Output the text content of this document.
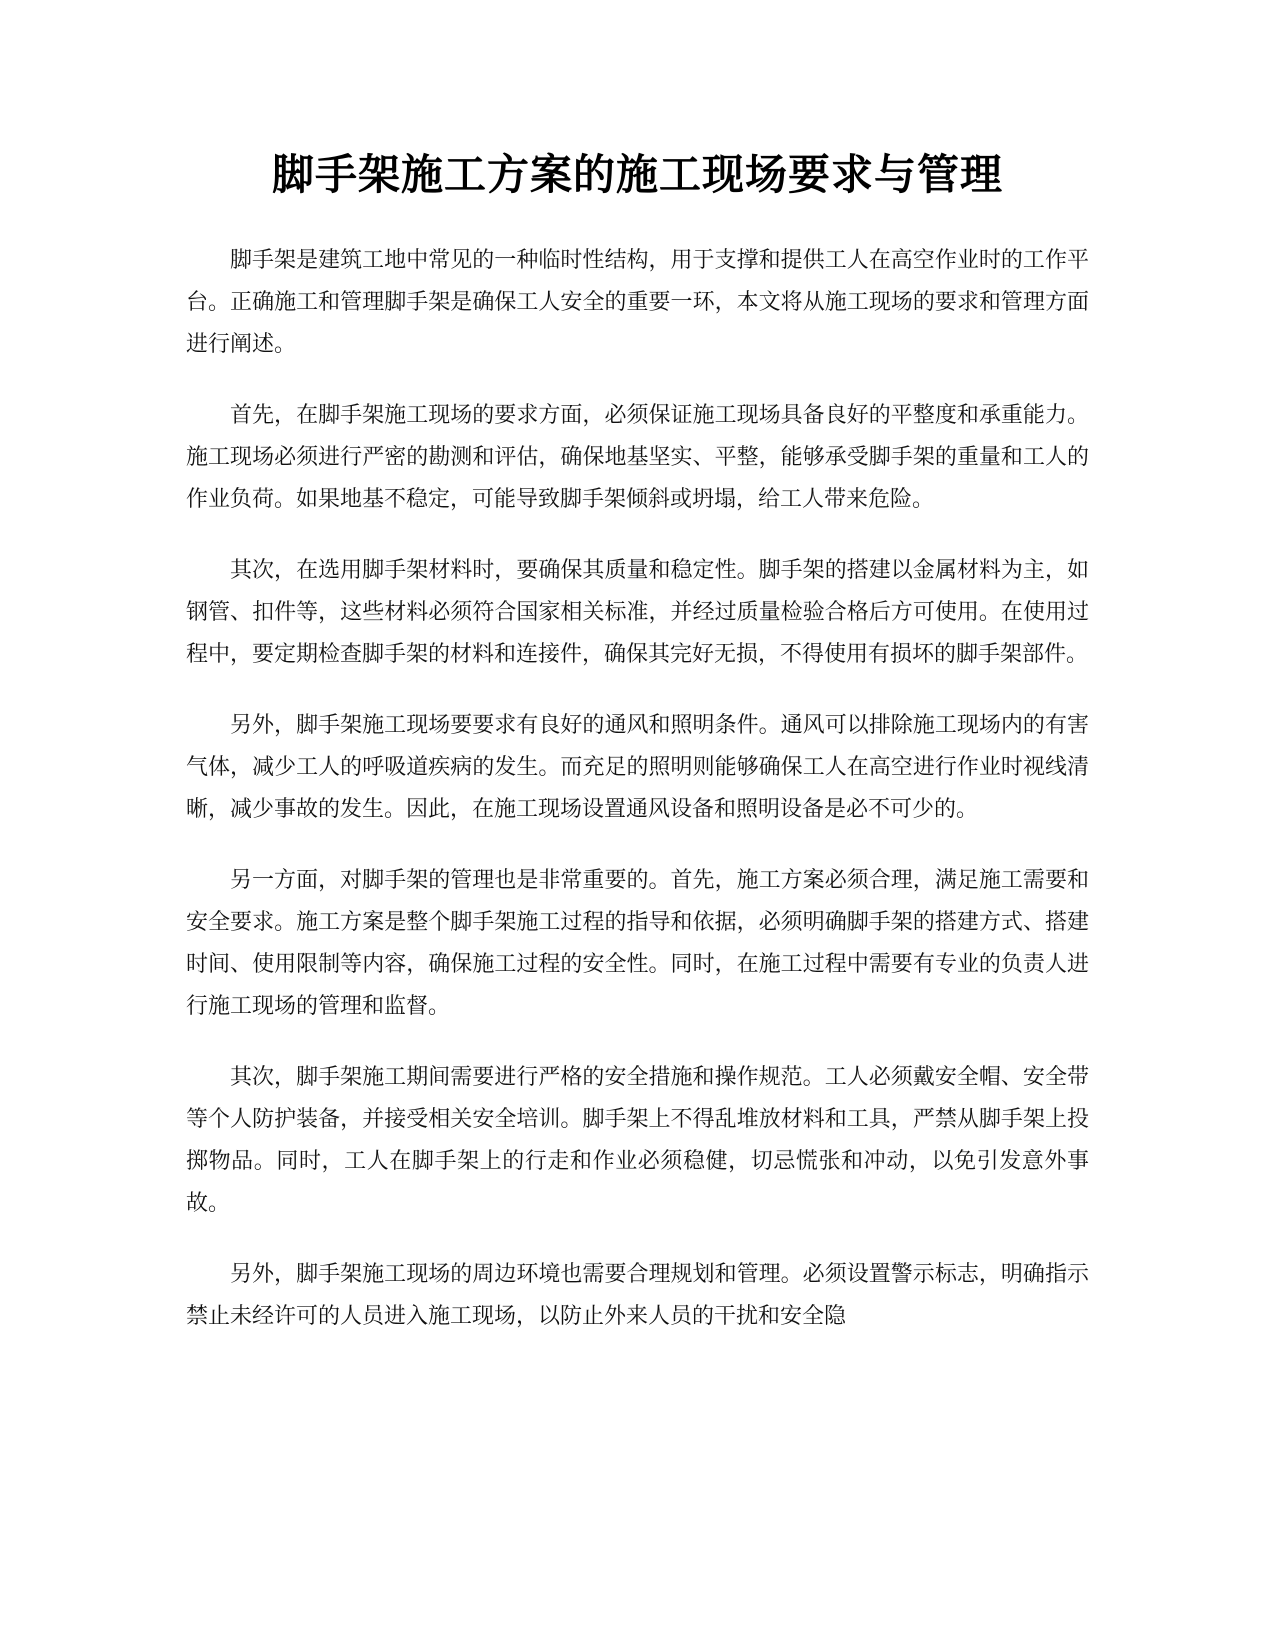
脚手架施工方案的施工现场要求与管理

脚手架是建筑工地中常见的一种临时性结构，用于支撑和提供工人在高空作业时的工作平台。正确施工和管理脚手架是确保工人安全的重要一环，本文将从施工现场的要求和管理方面进行阐述。

首先，在脚手架施工现场的要求方面，必须保证施工现场具备良好的平整度和承重能力。施工现场必须进行严密的勘测和评估，确保地基坚实、平整，能够承受脚手架的重量和工人的作业负荷。如果地基不稳定，可能导致脚手架倾斜或坍塌，给工人带来危险。

其次，在选用脚手架材料时，要确保其质量和稳定性。脚手架的搭建以金属材料为主，如钢管、扣件等，这些材料必须符合国家相关标准，并经过质量检验合格后方可使用。在使用过程中，要定期检查脚手架的材料和连接件，确保其完好无损，不得使用有损坏的脚手架部件。

另外，脚手架施工现场要要求有良好的通风和照明条件。通风可以排除施工现场内的有害气体，减少工人的呼吸道疾病的发生。而充足的照明则能够确保工人在高空进行作业时视线清晰，减少事故的发生。因此，在施工现场设置通风设备和照明设备是必不可少的。

另一方面，对脚手架的管理也是非常重要的。首先，施工方案必须合理，满足施工需要和安全要求。施工方案是整个脚手架施工过程的指导和依据，必须明确脚手架的搭建方式、搭建时间、使用限制等内容，确保施工过程的安全性。同时，在施工过程中需要有专业的负责人进行施工现场的管理和监督。

其次，脚手架施工期间需要进行严格的安全措施和操作规范。工人必须戴安全帽、安全带等个人防护装备，并接受相关安全培训。脚手架上不得乱堆放材料和工具，严禁从脚手架上投掷物品。同时，工人在脚手架上的行走和作业必须稳健，切忌慌张和冲动，以免引发意外事故。

另外，脚手架施工现场的周边环境也需要合理规划和管理。必须设置警示标志，明确指示禁止未经许可的人员进入施工现场，以防止外来人员的干扰和安全隐
